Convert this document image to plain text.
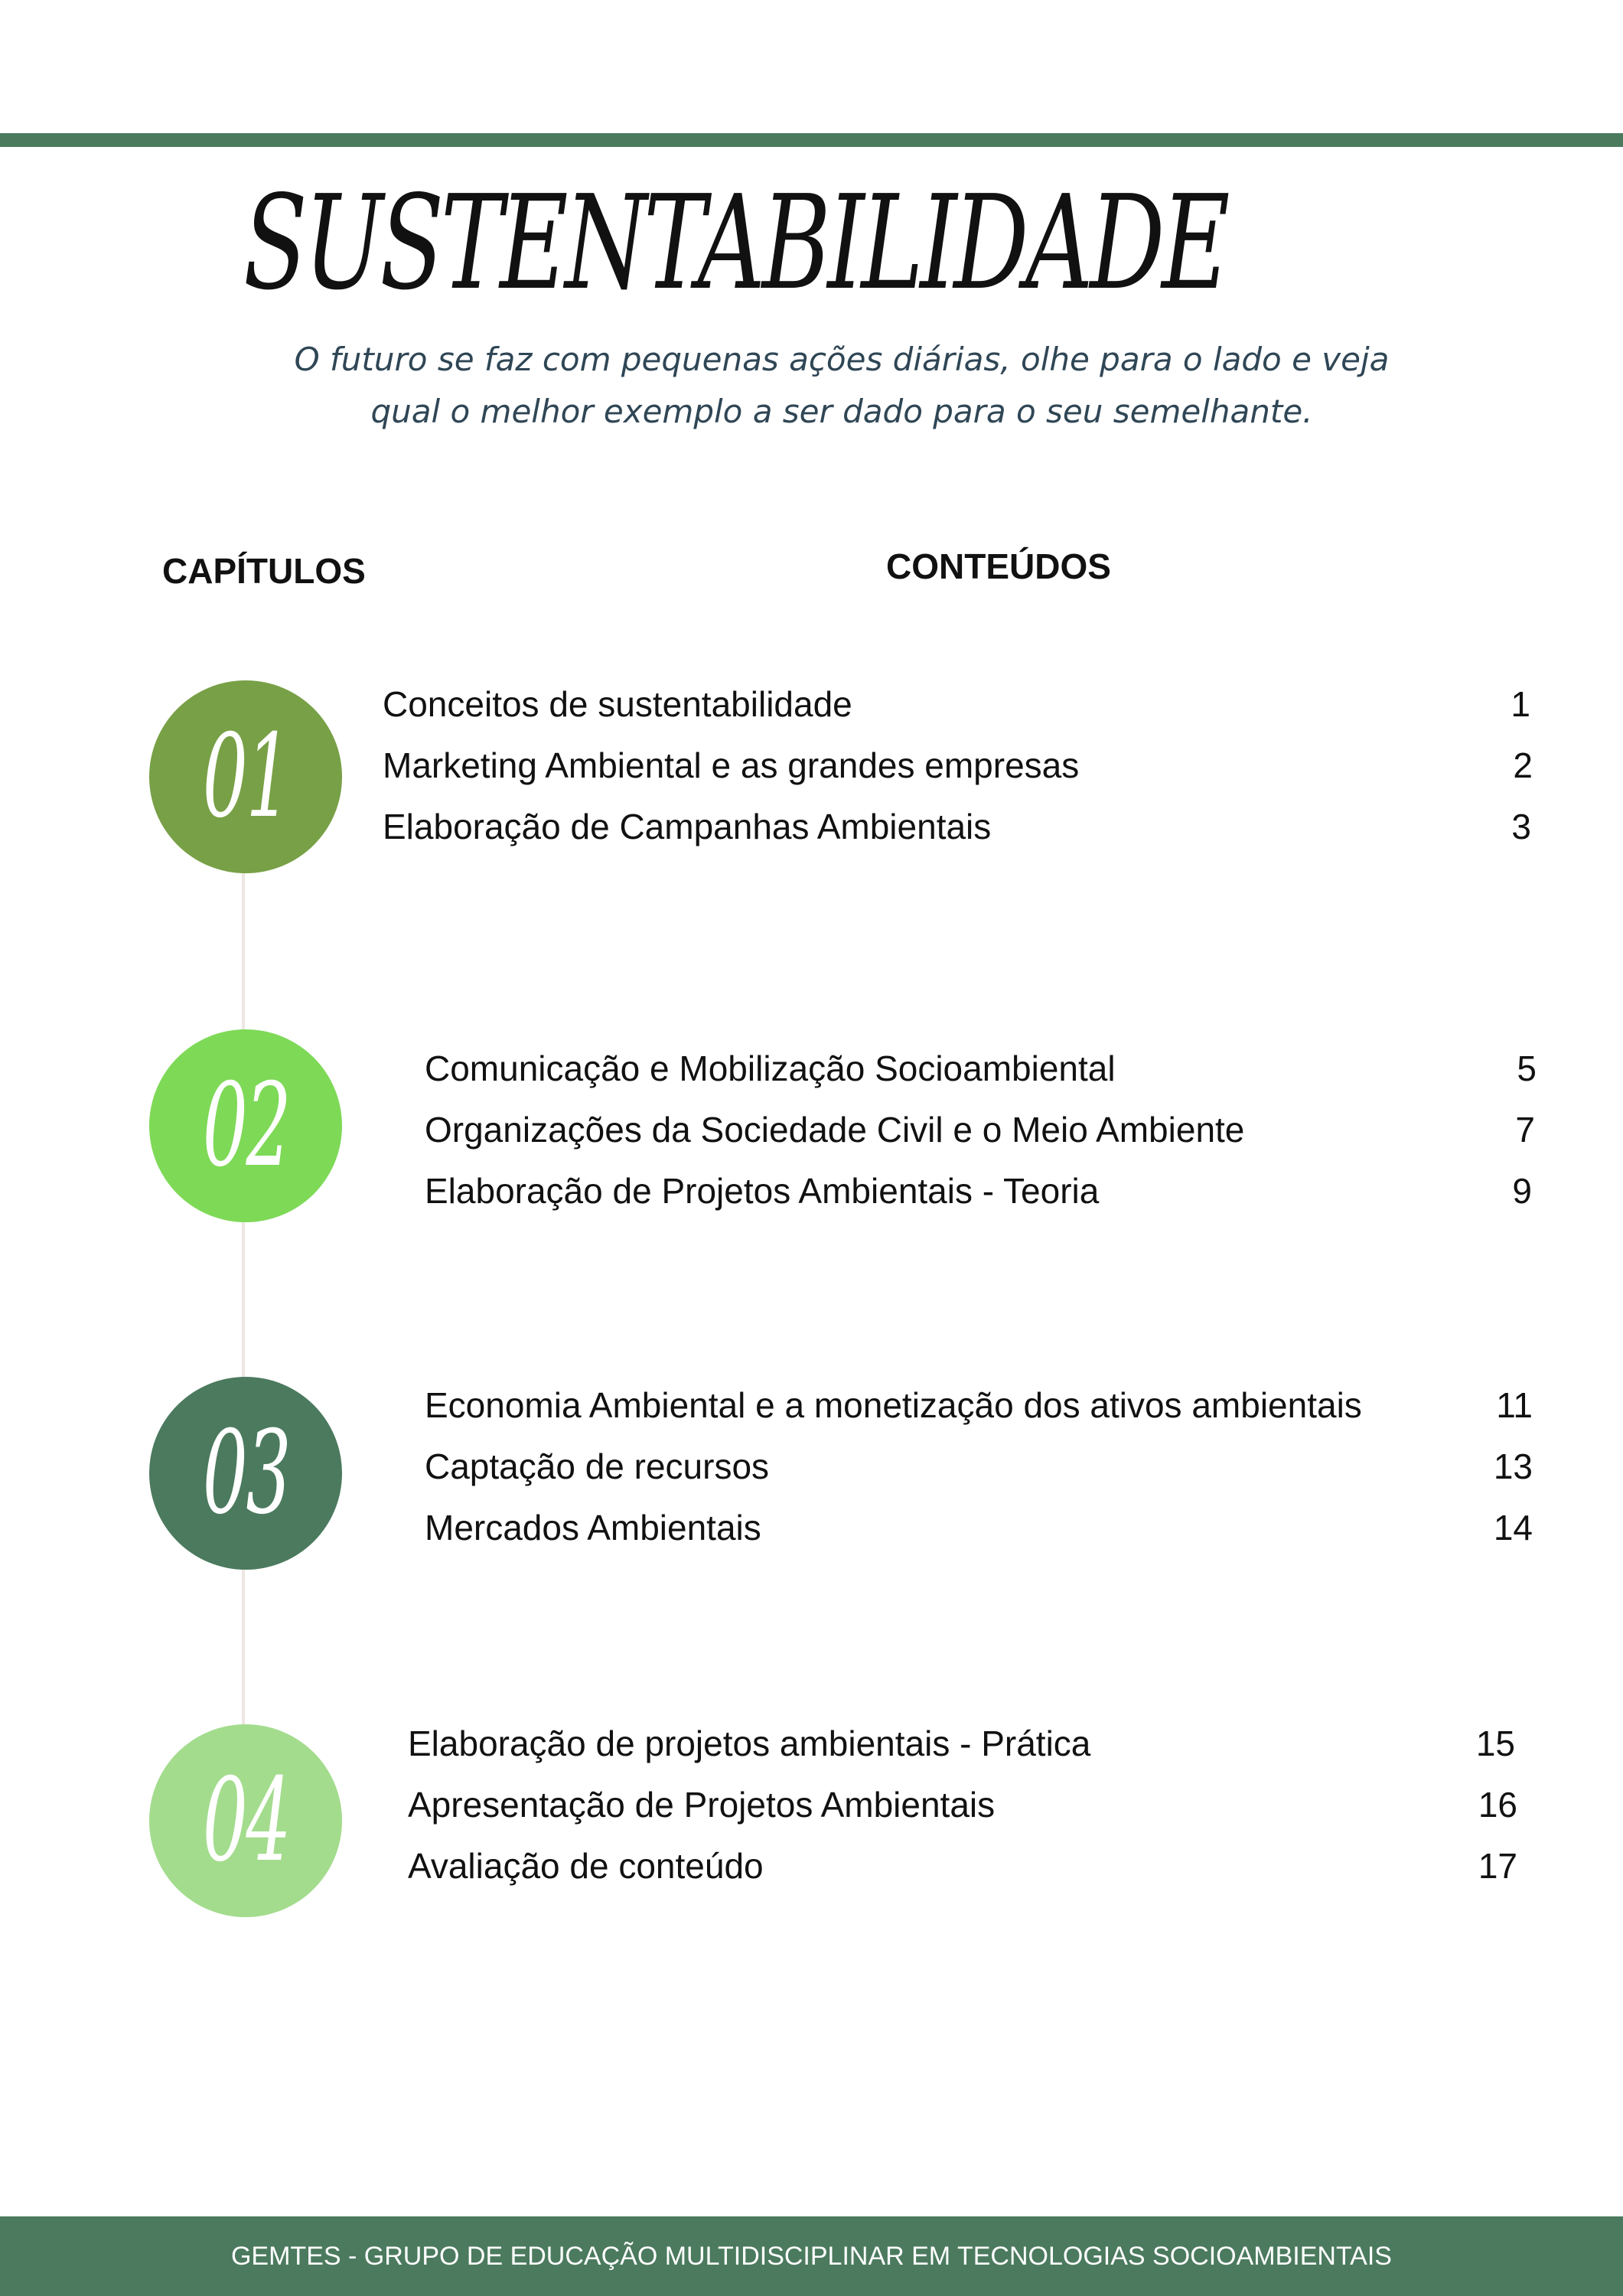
SUSTENTABILIDADE
O futuro se faz com pequenas ações diárias, olhe para o lado e veja
qual o melhor exemplo a ser dado para o seu semelhante.
CAPÍTULOS	CONTEÚDOS
01
Conceitos de sustentabilidade	1
Marketing Ambiental e as grandes empresas	2
Elaboração de Campanhas Ambientais	3
02	Comunicação e Mobilização Socioambiental	5
Organizações da Sociedade Civil e o Meio Ambiente	7
Elaboração de Projetos Ambientais - Teoria	9
03
Economia Ambiental e a monetização dos ativos ambientais	11
Captação de recursos	13
Mercados Ambientais	14
04
Elaboração de projetos ambientais - Prática	15
Apresentação de Projetos Ambientais	16
Avaliação de conteúdo	17
GEMTES - GRUPO DE EDUCAÇÃO MULTIDISCIPLINAR EM TECNOLOGIAS SOCIOAMBIENTAIS
